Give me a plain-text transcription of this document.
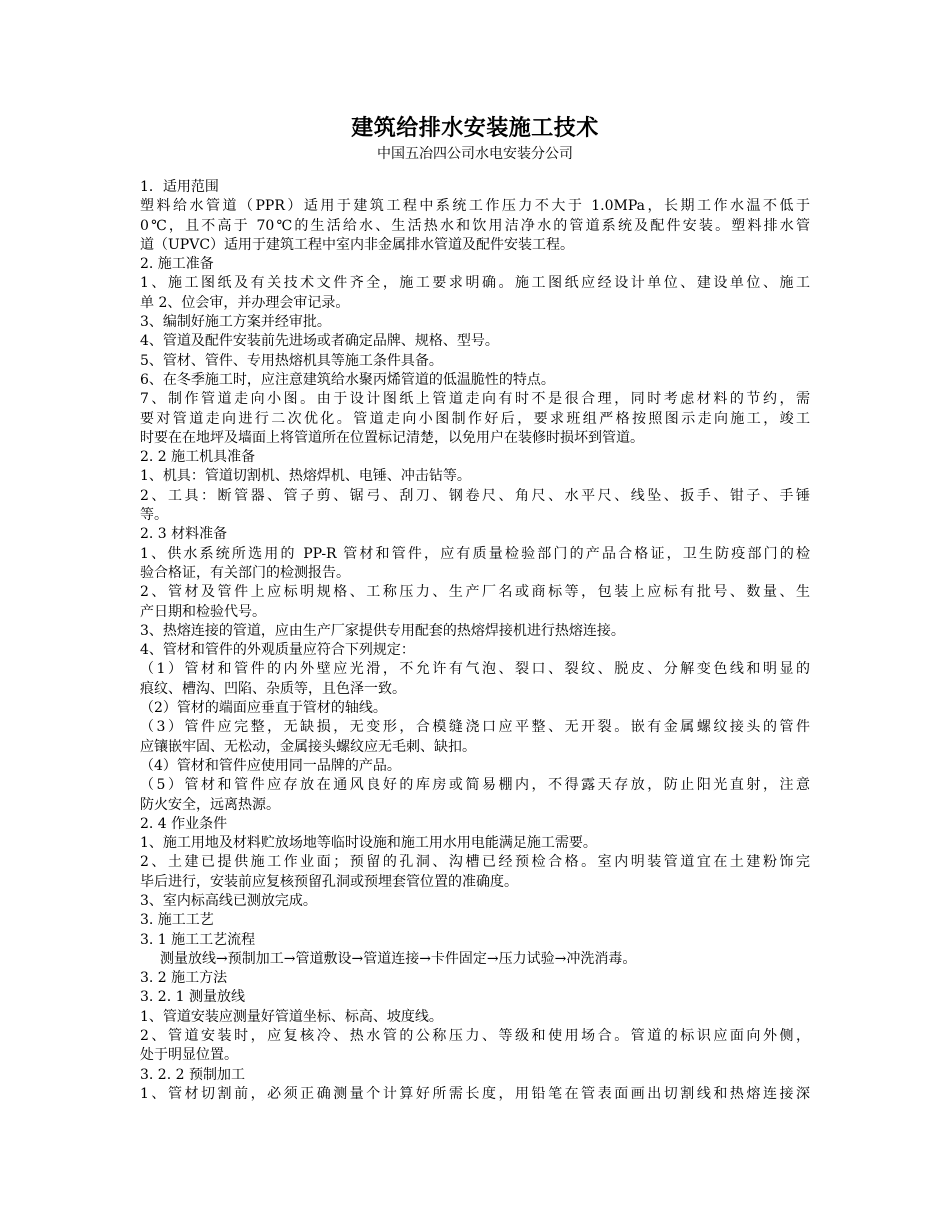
建筑给排水安装施工技术
中国五冶四公司水电安装分公司
1．适用范围
塑料给水管道（PPR）适用于建筑工程中系统工作压力不大于 1.0MPa，长期工作水温不低于
0℃，且不高于 70℃的生活给水、生活热水和饮用洁净水的管道系统及配件安装。塑料排水管
道（UPVC）适用于建筑工程中室内非金属排水管道及配件安装工程。
2. 施工准备
1、施工图纸及有关技术文件齐全，施工要求明确。施工图纸应经设计单位、建设单位、施工
单 2、位会审，并办理会审记录。
3、编制好施工方案并经审批。
4、管道及配件安装前先进场或者确定品牌、规格、型号。
5、管材、管件、专用热熔机具等施工条件具备。
6、在冬季施工时，应注意建筑给水聚丙烯管道的低温脆性的特点。
7、制作管道走向小图。由于设计图纸上管道走向有时不是很合理，同时考虑材料的节约，需
要对管道走向进行二次优化。管道走向小图制作好后，要求班组严格按照图示走向施工，竣工
时要在在地坪及墙面上将管道所在位置标记清楚，以免用户在装修时损坏到管道。
2. 2 施工机具准备
1、机具：管道切割机、热熔焊机、电锤、冲击钻等。
2、工具：断管器、管子剪、锯弓、刮刀、钢卷尺、角尺、水平尺、线坠、扳手、钳子、手锤
等。
2. 3 材料准备
1、供水系统所选用的 PP-R 管材和管件，应有质量检验部门的产品合格证，卫生防疫部门的检
验合格证，有关部门的检测报告。
2、管材及管件上应标明规格、工称压力、生产厂名或商标等，包装上应标有批号、数量、生
产日期和检验代号。
3、热熔连接的管道，应由生产厂家提供专用配套的热熔焊接机进行热熔连接。
4、管材和管件的外观质量应符合下列规定：
（1）管材和管件的内外壁应光滑，不允许有气泡、裂口、裂纹、脱皮、分解变色线和明显的
痕纹、槽沟、凹陷、杂质等，且色泽一致。
（2）管材的端面应垂直于管材的轴线。
（3）管件应完整，无缺损，无变形，合模缝浇口应平整、无开裂。嵌有金属螺纹接头的管件
应镶嵌牢固、无松动，金属接头螺纹应无毛刺、缺扣。
（4）管材和管件应使用同一品牌的产品。
（5）管材和管件应存放在通风良好的库房或简易棚内，不得露天存放，防止阳光直射，注意
防火安全，远离热源。
2. 4 作业条件
1、施工用地及材料贮放场地等临时设施和施工用水用电能满足施工需要。
2、土建已提供施工作业面；预留的孔洞、沟槽已经预检合格。室内明装管道宜在土建粉饰完
毕后进行，安装前应复核预留孔洞或预埋套管位置的准确度。
3、室内标高线已测放完成。
3. 施工工艺
3. 1 施工工艺流程
测量放线→预制加工→管道敷设→管道连接→卡件固定→压力试验→冲洗消毒。
3. 2 施工方法
3. 2. 1 测量放线
1、管道安装应测量好管道坐标、标高、坡度线。
2、管道安装时，应复核冷、热水管的公称压力、等级和使用场合。管道的标识应面向外侧，
处于明显位置。
3. 2. 2 预制加工
1、管材切割前，必须正确测量个计算好所需长度，用铅笔在管表面画出切割线和热熔连接深
